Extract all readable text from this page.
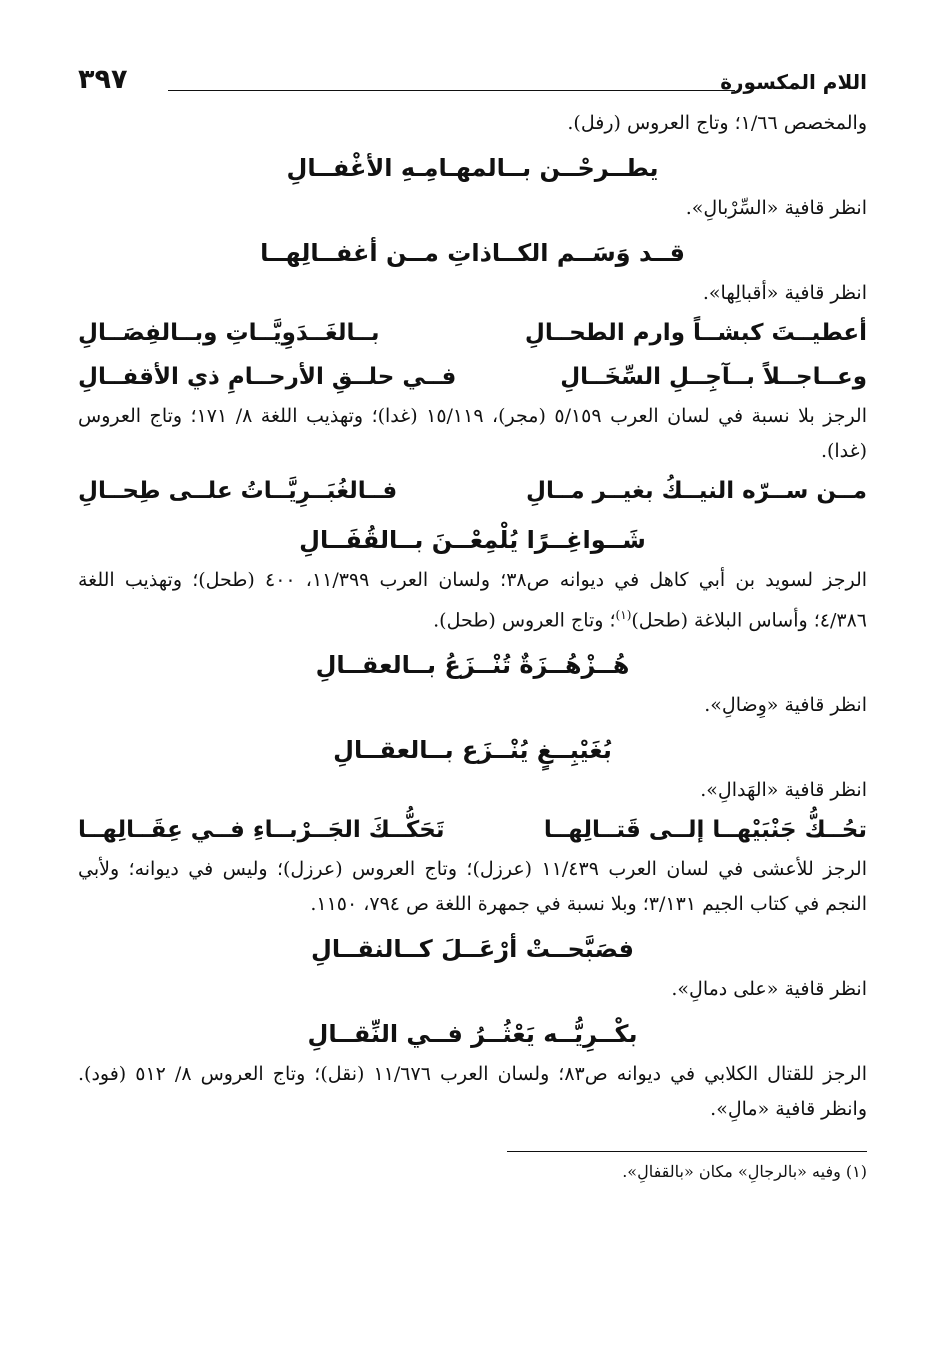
اللام المكسورة
٣٩٧

والمخصص ١/٦٦؛ وتاج العروس (رفل).

يطــرحْــن بــالمهـامِـهِ الأغْفــالِ

انظر قافية «السِّرْبالِ».

قــد وَسَــم الكــاذاتِ مــن أغفــالِهــا

انظر قافية «أقبالِها».

أعطيــتَ كبشــاً وارم الطحــالِ
بــالغَــدَوِيَّــاتِ وبــالفِصَــالِ
وعــاجــلاً بــآجِــلِ السِّخَــالِ
فــي حلــقِ الأرحــامِ ذي الأقفــالِ

الرجز بلا نسبة في لسان العرب ٥/١٥٩ (مجر)، ١٥/١١٩ (غدا)؛ وتهذيب اللغة ٨/ ١٧١؛ وتاج العروس (غدا).

مــن ســرّه النيــكُ بغيــر مــالِ
فــالغُبَــرِيَّــاتُ علــى طِحــالِ
شَــواغِــرًا يُلْمِعْــنَ بــالقُفَــالِ

الرجز لسويد بن أبي كاهل في ديوانه ص٣٨؛ ولسان العرب ١١/٣٩٩، ٤٠٠ (طحل)؛ وتهذيب اللغة ٤/٣٨٦؛ وأساس البلاغة (طحل)$^{(١)}$؛ وتاج العروس (طحل).

هُــزْهُــزَةٌ تُنْــزَعُ بــالعقــالِ

انظر قافية «وِضالِ».

بُغَيْبِــغٍ يُنْــزَع بــالعقــالِ

انظر قافية «الهَدالِ».

تحُــكُّ جَنْبَيْهــا إلــى قَتــالِهــا
تَحَكُّــكَ الجَــرْبــاءِ فــي عِقَــالِهــا

الرجز للأعشى في لسان العرب ١١/٤٣٩ (عرزل)؛ وتاج العروس (عرزل)؛ وليس في ديوانه؛ ولأبي النجم في كتاب الجيم ٣/١٣١؛ وبلا نسبة في جمهرة اللغة ص ٧٩٤، ١١٥٠.

فصَبَّحــتْ أرْعَــلَ كــالنقــالِ

انظر قافية «على دمالِ».

بكْــرِيُّــه يَعْثُــرُ فــي النِّقــالِ

الرجز للقتال الكلابي في ديوانه ص٨٣؛ ولسان العرب ١١/٦٧٦ (نقل)؛ وتاج العروس ٨/ ٥١٢ (فود). وانظر قافية «مالِ».

(١) وفيه «بالرجالِ» مكان «بالقفالِ».
